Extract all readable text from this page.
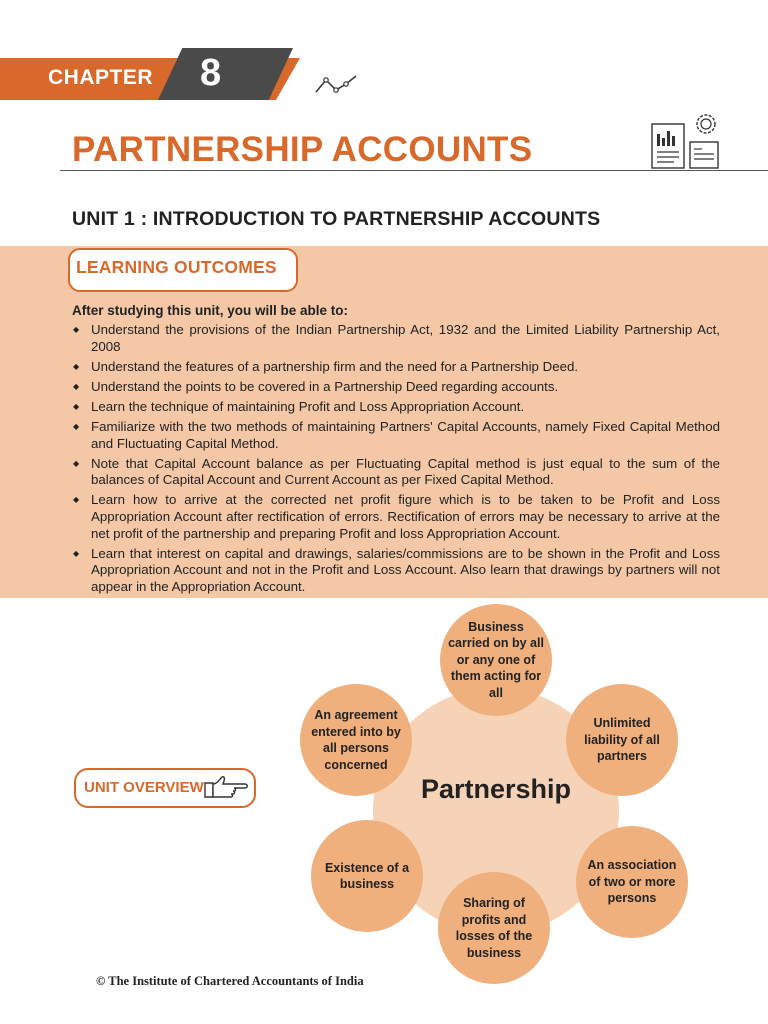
CHAPTER 8
PARTNERSHIP ACCOUNTS
UNIT 1 : INTRODUCTION TO PARTNERSHIP ACCOUNTS
LEARNING OUTCOMES

After studying this unit, you will be able to:

◆ Understand the provisions of the Indian Partnership Act, 1932 and the Limited Liability Partnership Act, 2008
◆ Understand the features of a partnership firm and the need for a Partnership Deed.
◆ Understand the points to be covered in a Partnership Deed regarding accounts.
◆ Learn the technique of maintaining Profit and Loss Appropriation Account.
◆ Familiarize with the two methods of maintaining Partners' Capital Accounts, namely Fixed Capital Method and Fluctuating Capital Method.
◆ Note that Capital Account balance as per Fluctuating Capital method is just equal to the sum of the balances of Capital Account and Current Account as per Fixed Capital Method.
◆ Learn how to arrive at the corrected net profit figure which is to be taken to be Profit and Loss Appropriation Account after rectification of errors. Rectification of errors may be necessary to arrive at the net profit of the partnership and preparing Profit and loss Appropriation Account.
◆ Learn that interest on capital and drawings, salaries/commissions are to be shown in the Profit and Loss Appropriation Account and not in the Profit and Loss Account. Also learn that drawings by partners will not appear in the Appropriation Account.
UNIT OVERVIEW	Partnership
Business carried on by all or any one of them acting for all
Unlimited liability of all partners
An association of two or more persons
Sharing of profits and losses of the business
Existence of a business
An agreement entered into by all persons concerned

© The Institute of Chartered Accountants of India
